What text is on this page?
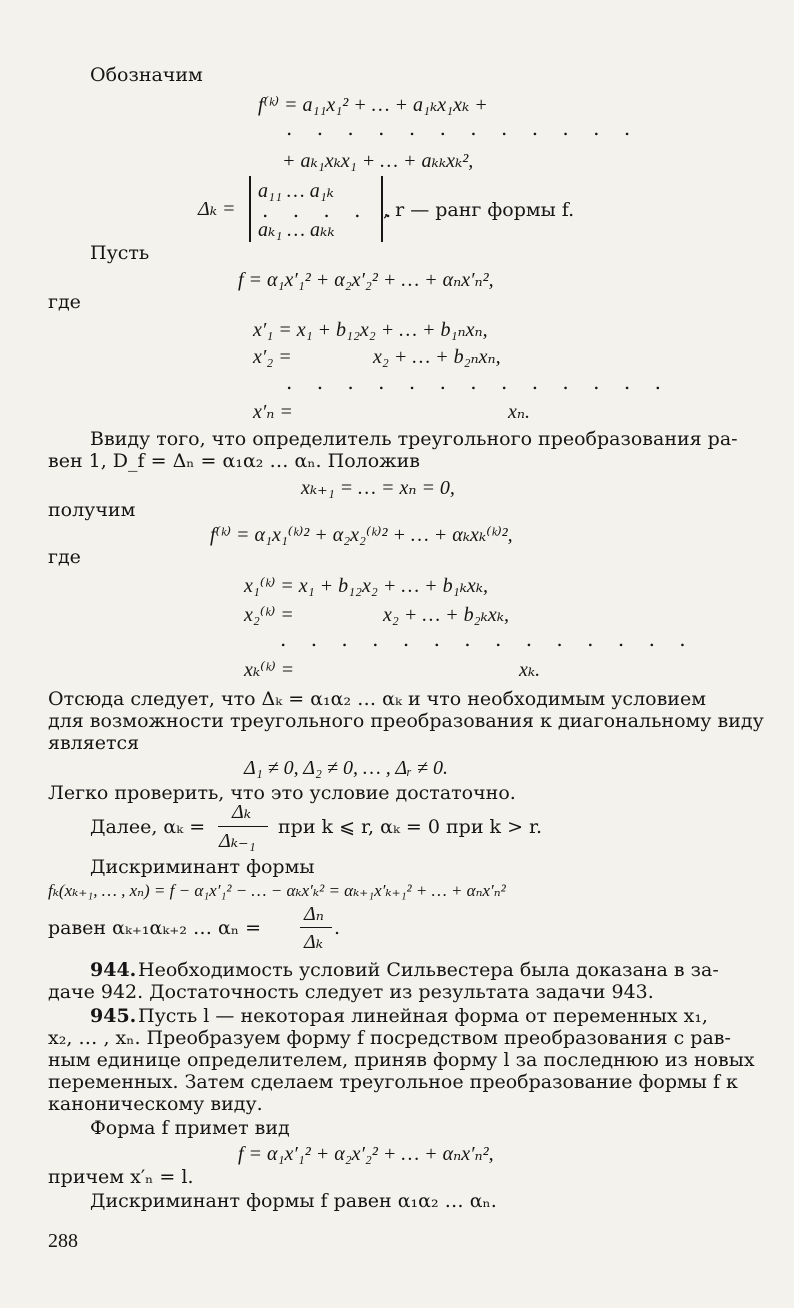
Обозначим
f⁽ᵏ⁾ = a₁₁x₁² + … + a₁ₖx₁xₖ +
. . . . . . . . . . . .
+ aₖ₁xₖx₁ + … + aₖₖxₖ²,
Δₖ =
a₁₁ … a₁ₖ
. . . . .
aₖ₁ … aₖₖ
, r — ранг формы f.
Пусть
f = α₁x′₁² + α₂x′₂² + … + αₙx′ₙ²,
где
x′₁ = x₁ + b₁₂x₂ + … + b₁ₙxₙ,
x′₂ =	x₂ + … + b₂ₙxₙ,
. . . . . . . . . . . . .
x′ₙ =	xₙ.
Ввиду того, что определитель треугольного преобразования ра-
вен 1, D_f = Δₙ = α₁α₂ … αₙ. Положив
xₖ₊₁ = … = xₙ = 0,
получим
f⁽ᵏ⁾ = α₁x₁⁽ᵏ⁾² + α₂x₂⁽ᵏ⁾² + … + αₖxₖ⁽ᵏ⁾²,
где
x₁⁽ᵏ⁾ = x₁ + b₁₂x₂ + … + b₁ₖxₖ,
x₂⁽ᵏ⁾ =	x₂ + … + b₂ₖxₖ,
. . . . . . . . . . . . . .
xₖ⁽ᵏ⁾ =	xₖ.
Отсюда следует, что Δₖ = α₁α₂ … αₖ и что необходимым условием
для возможности треугольного преобразования к диагональному виду
является
Δ₁ ≠ 0, Δ₂ ≠ 0, … , Δᵣ ≠ 0.
Легко проверить, что это условие достаточно.
Далее, αₖ =
Δₖ
Δₖ₋₁
при k ⩽ r, αₖ = 0 при k > r.
Дискриминант формы
fₖ(xₖ₊₁, … , xₙ) = f − α₁x′₁² − … − αₖx′ₖ² = αₖ₊₁x′ₖ₊₁² + … + αₙx′ₙ²
равен αₖ₊₁αₖ₊₂ … αₙ =
Δₙ
Δₖ
.
944. Необходимость условий Сильвестера была доказана в за-
даче 942. Достаточность следует из результата задачи 943.
945. Пусть l — некоторая линейная форма от переменных x₁,
x₂, … , xₙ. Преобразуем форму f посредством преобразования с рав-
ным единице определителем, приняв форму l за последнюю из новых
переменных. Затем сделаем треугольное преобразование формы f к
каноническому виду.
Форма f примет вид
f = α₁x′₁² + α₂x′₂² + … + αₙx′ₙ²,
причем x′ₙ = l.
Дискриминант формы f равен α₁α₂ … αₙ.
288
